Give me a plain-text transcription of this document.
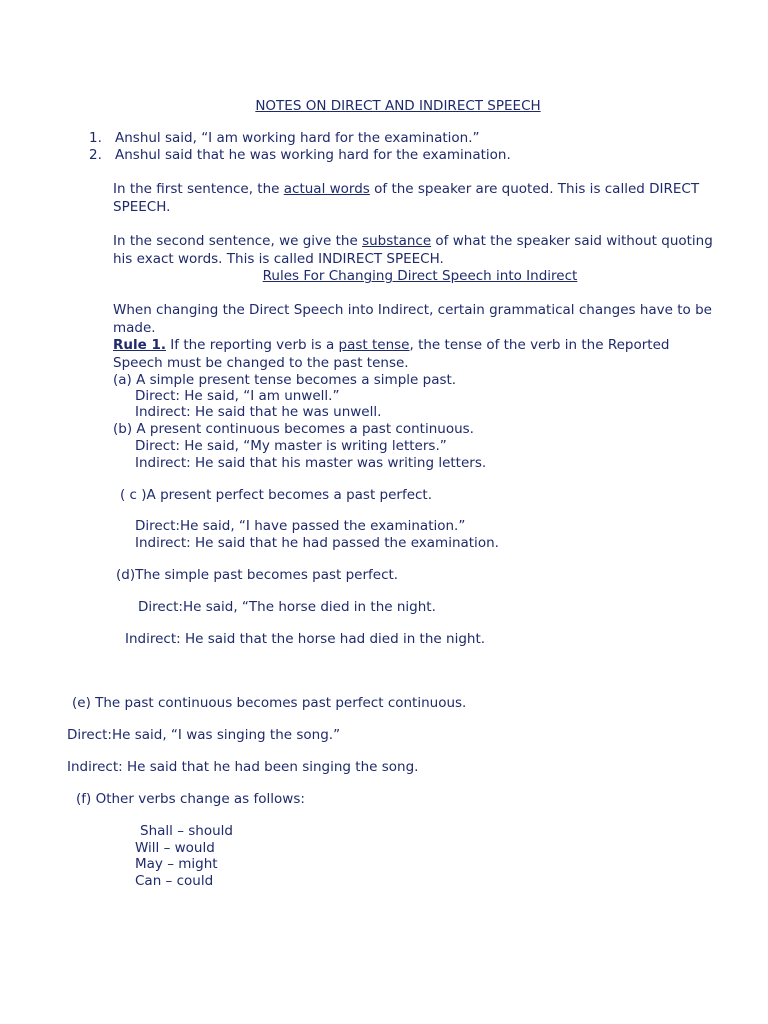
NOTES ON DIRECT AND INDIRECT SPEECH
1. Anshul said, “I am working hard for the examination.”
2. Anshul said that he was working hard for the examination.
In the first sentence, the actual words of the speaker are quoted. This is called DIRECT
SPEECH.
In the second sentence, we give the substance of what the speaker said without quoting
his exact words. This is called INDIRECT SPEECH.
Rules For Changing Direct Speech into Indirect
When changing the Direct Speech into Indirect, certain grammatical changes have to be
made.
Rule 1. If the reporting verb is a past tense, the tense of the verb in the Reported
Speech must be changed to the past tense.
(a) A simple present tense becomes a simple past.
Direct: He said, “I am unwell.”
Indirect: He said that he was unwell.
(b) A present continuous becomes a past continuous.
Direct: He said, “My master is writing letters.”
Indirect: He said that his master was writing letters.
( c )A present perfect becomes a past perfect.
Direct:He said, “I have passed the examination.”
Indirect: He said that he had passed the examination.
(d)The simple past becomes past perfect.
Direct:He said, “The horse died in the night.
Indirect: He said that the horse had died in the night.
(e) The past continuous becomes past perfect continuous.
Direct:He said, “I was singing the song.”
Indirect: He said that he had been singing the song.
(f) Other verbs change as follows:
Shall – should
Will – would
May – might
Can – could
